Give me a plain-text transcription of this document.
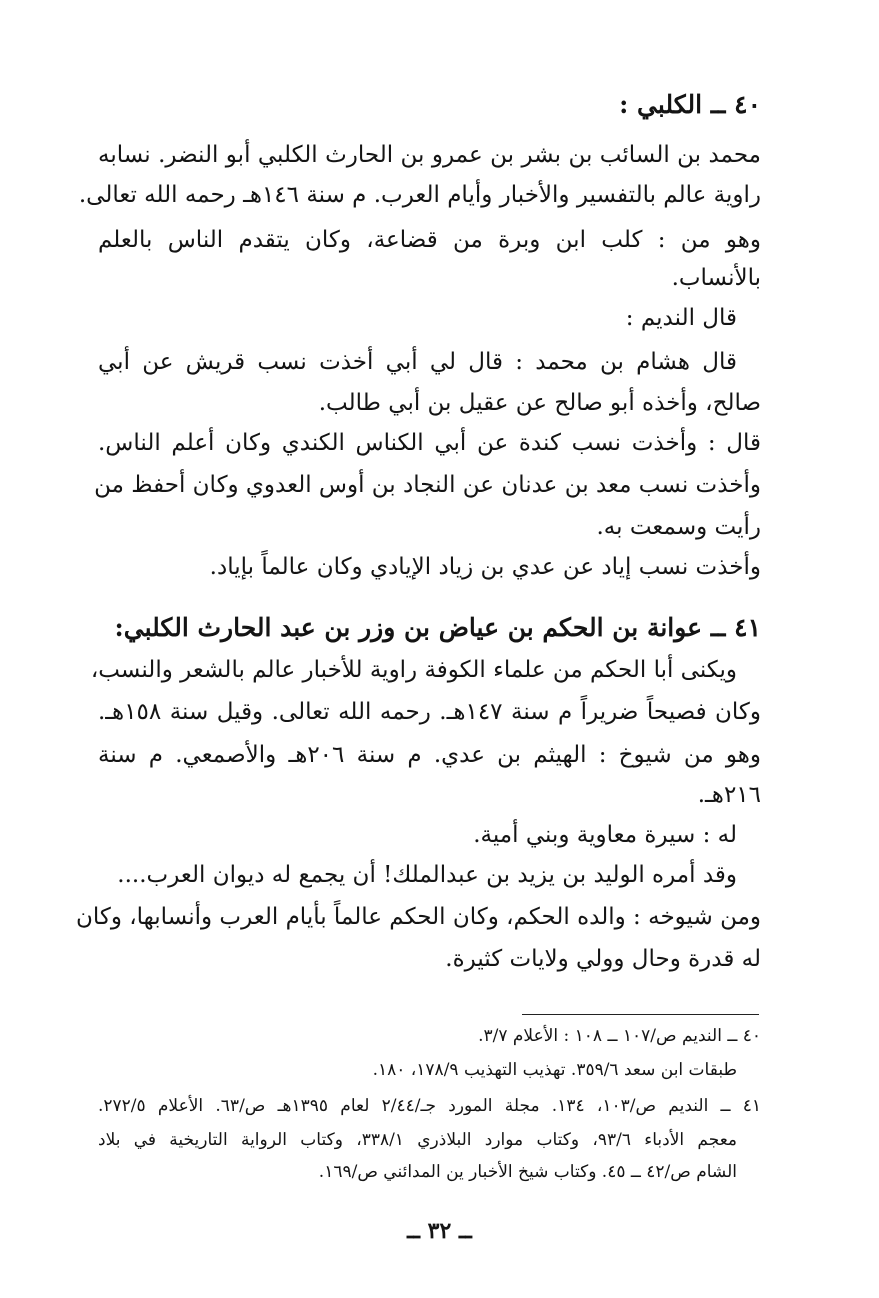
٤٠ ــ الكلبي :
محمد بن السائب بن بشر بن عمرو بن الحارث الكلبي أبو النضر. نسابه
راوية عالم بالتفسير والأخبار وأيام العرب. م سنة ١٤٦هـ رحمه الله تعالى.
وهو من : كلب ابن وبرة من قضاعة، وكان يتقدم الناس بالعلم
بالأنساب.
قال النديم :
قال هشام بن محمد : قال لي أبي أخذت نسب قريش عن أبي
صالح، وأخذه أبو صالح عن عقيل بن أبي طالب.
قال : وأخذت نسب كندة عن أبي الكناس الكندي وكان أعلم الناس.
وأخذت نسب معد بن عدنان عن النجاد بن أوس العدوي وكان أحفظ من
رأيت وسمعت به.
وأخذت نسب إياد عن عدي بن زياد الإيادي وكان عالماً بإياد.
٤١ ــ عوانة بن الحكم بن عياض بن وزر بن عبد الحارث الكلبي:
ويكنى أبا الحكم من علماء الكوفة راوية للأخبار عالم بالشعر والنسب،
وكان فصيحاً ضريراً م سنة ١٤٧هـ. رحمه الله تعالى. وقيل سنة ١٥٨هـ.
وهو من شيوخ : الهيثم بن عدي. م سنة ٢٠٦هـ والأصمعي. م سنة
٢١٦هـ.
له : سيرة معاوية وبني أمية.
وقد أمره الوليد بن يزيد بن عبدالملك! أن يجمع له ديوان العرب....
ومن شيوخه : والده الحكم، وكان الحكم عالماً بأيام العرب وأنسابها، وكان
له قدرة وحال وولي ولايات كثيرة.
٤٠ ــ النديم ص/١٠٧ ــ ١٠٨ : الأعلام ٣/٧.
طبقات ابن سعد ٣٥٩/٦. تهذيب التهذيب ١٧٨/٩، ١٨٠.
٤١ ــ النديم ص/١٠٣، ١٣٤. مجلة المورد جـ/٢/٤٤ لعام ١٣٩٥هـ ص/٦٣. الأعلام ٢٧٢/٥.
معجم الأدباء ٩٣/٦، وكتاب موارد البلاذري ٣٣٨/١، وكتاب الرواية التاريخية في بلاد
الشام ص/٤٢ ــ ٤٥. وكتاب شيخ الأخبار ين المدائني ص/١٦٩.
ــ ٣٢ ــ
